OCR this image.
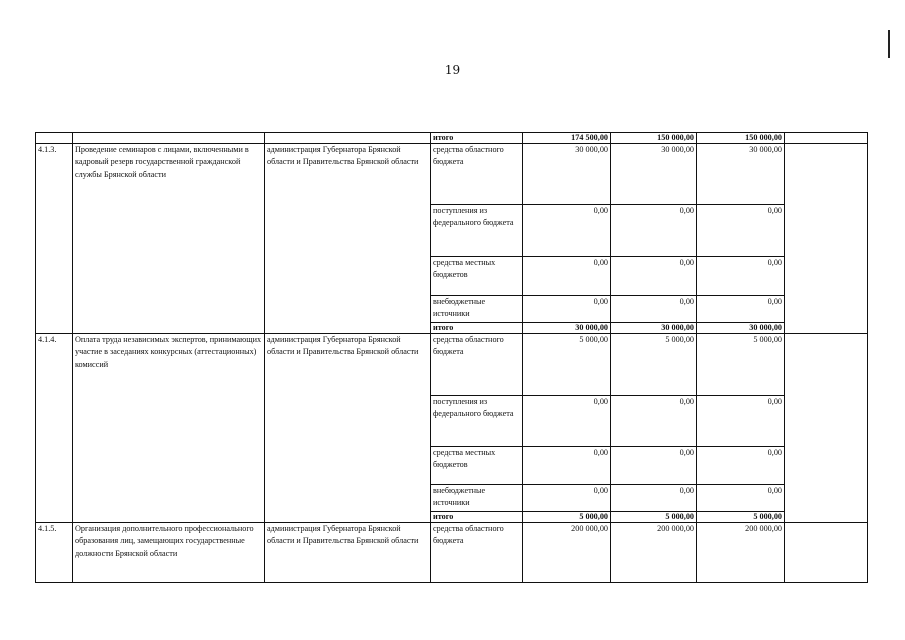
19
			итого	174 500,00	150 000,00	150 000,00	
4.1.3.	Проведение семинаров с лицами, включенными в кадровый резерв государственной гражданской службы Брянской области	администрация Губернатора Брянской области и Правительства Брянской области	средства областного бюджета	30 000,00	30 000,00	30 000,00	
			поступления из федерального бюджета	0,00	0,00	0,00	
			средства местных бюджетов	0,00	0,00	0,00	
			внебюджетные источники	0,00	0,00	0,00	
			итого	30 000,00	30 000,00	30 000,00	
4.1.4.	Оплата труда независимых экспертов, принимающих участие в заседаниях конкурсных (аттестационных) комиссий	администрация Губернатора Брянской области и Правительства Брянской области	средства областного бюджета	5 000,00	5 000,00	5 000,00	
			поступления из федерального бюджета	0,00	0,00	0,00	
			средства местных бюджетов	0,00	0,00	0,00	
			внебюджетные источники	0,00	0,00	0,00	
			итого	5 000,00	5 000,00	5 000,00	
4.1.5.	Организация дополнительного профессионального образования лиц, замещающих государственные должности Брянской области	администрация Губернатора Брянской области и Правительства Брянской области	средства областного бюджета	200 000,00	200 000,00	200 000,00	
